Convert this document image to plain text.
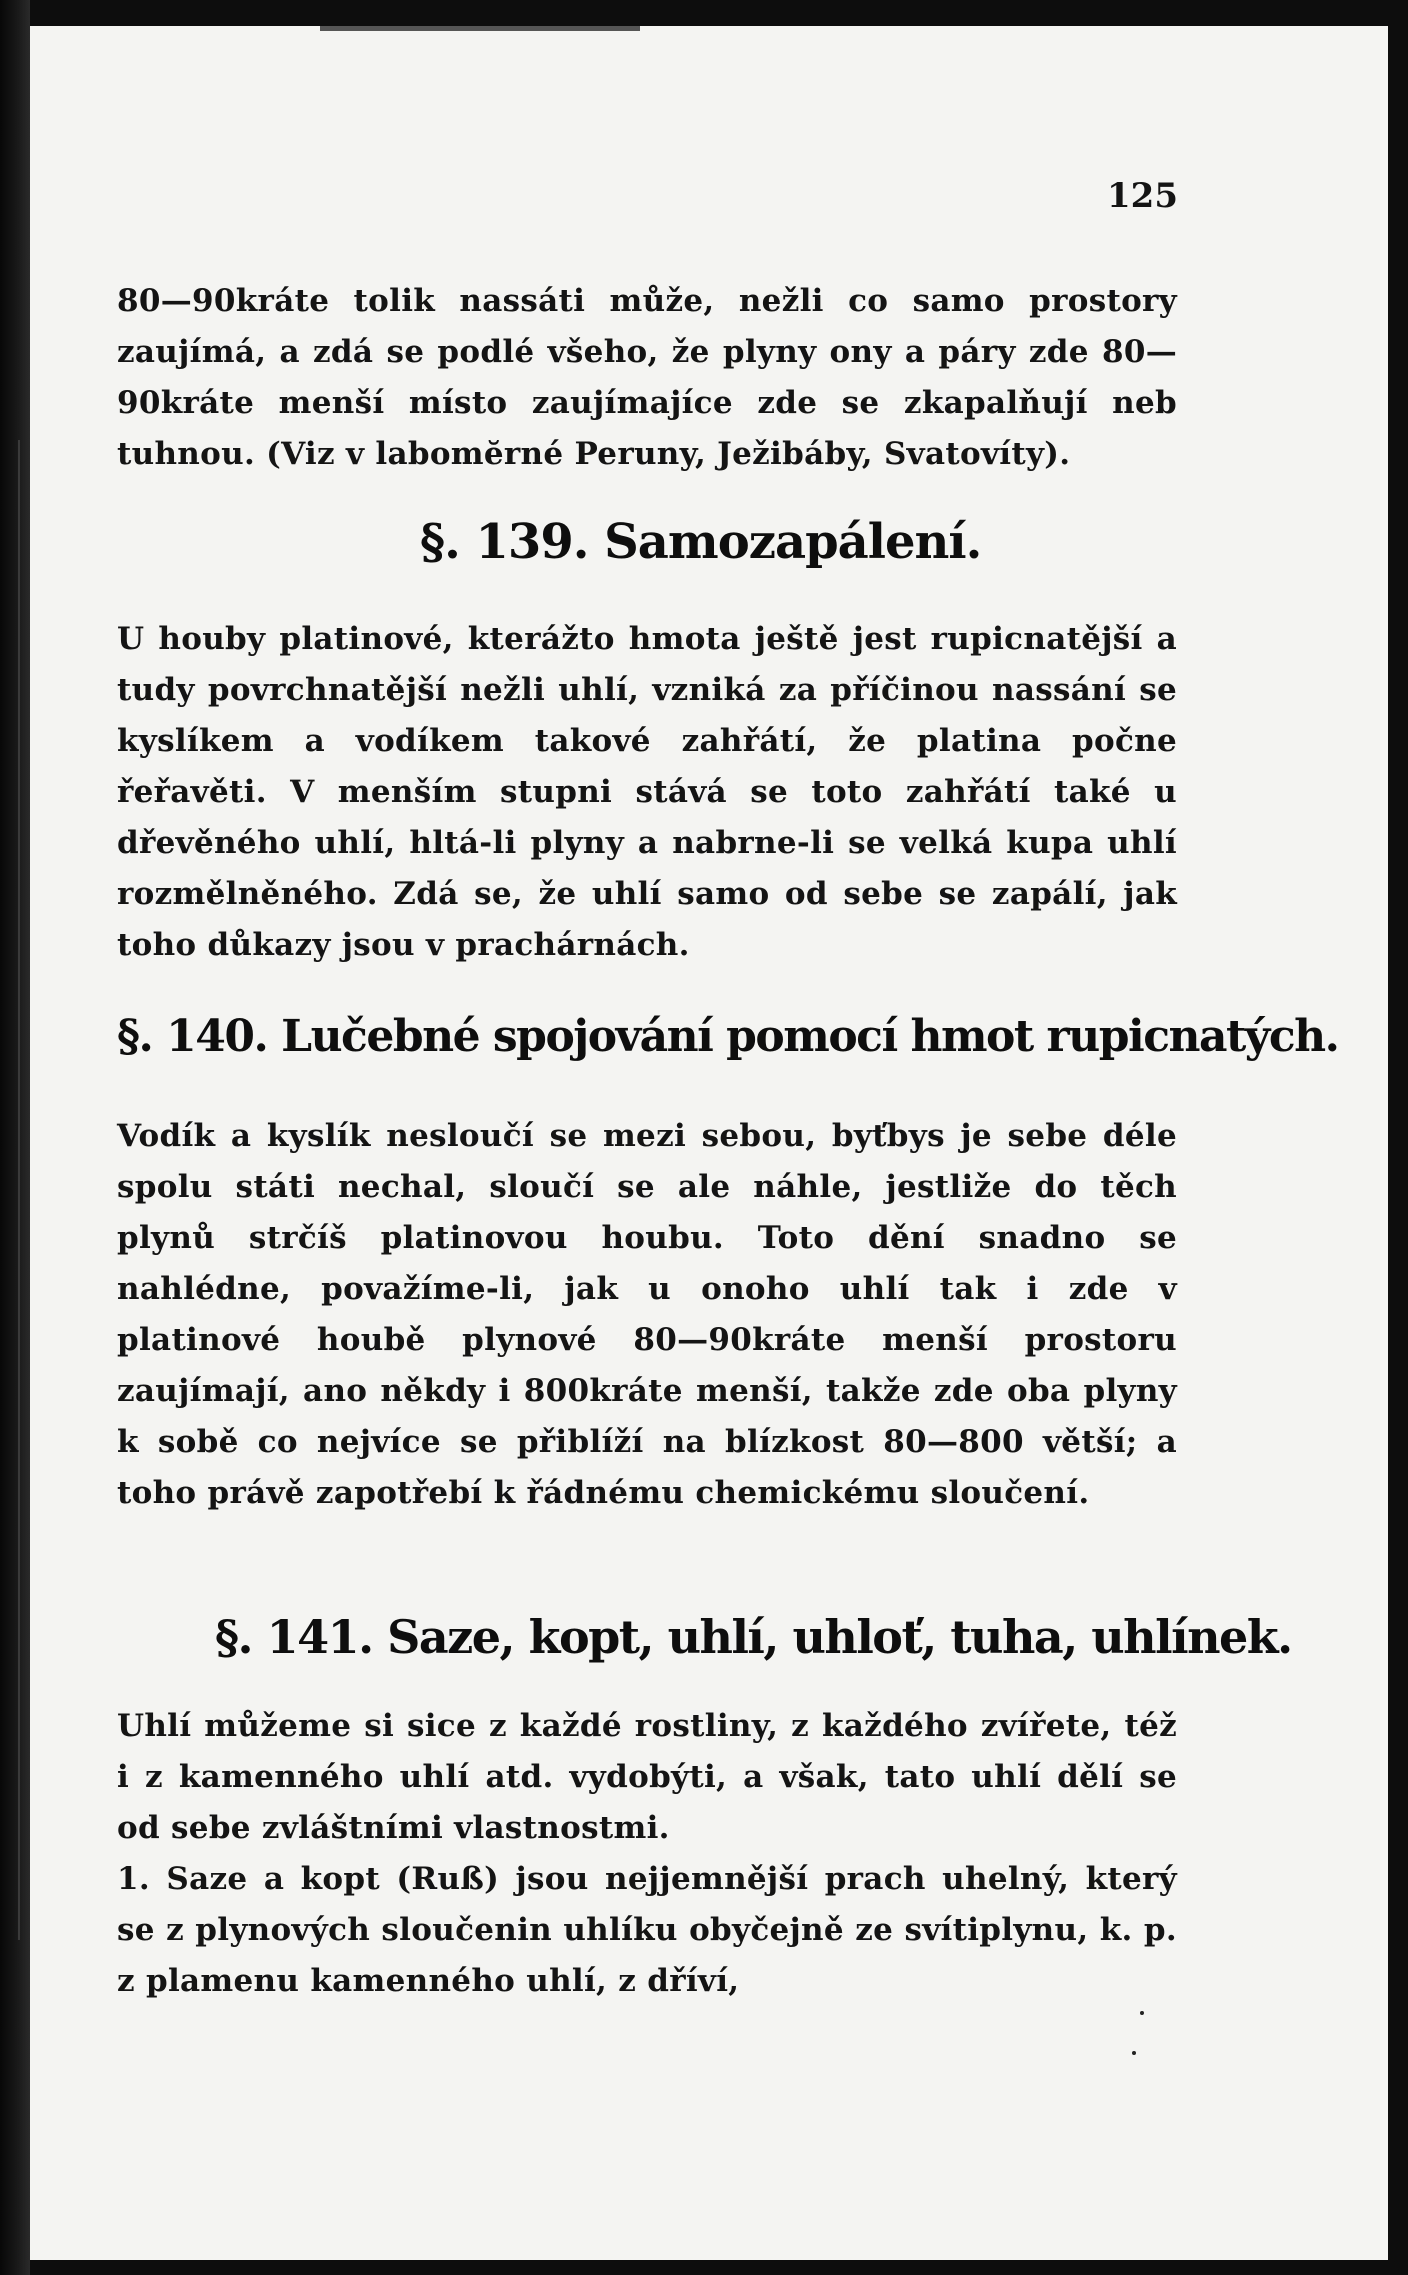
125
80—90kráte tolik nassáti může, nežli co samo prostory zaujímá, a zdá se podlé všeho, že plyny ony a páry zde 80—90kráte menší místo zaujímajíce zde se zkapalňují neb tuhnou. (Viz v labomĕrné Peruny, Ježibáby, Svatovíty).
§. 139. Samozapálení.
U houby platinové, kterážto hmota ještě jest rupicnatější a tudy povrchnatější nežli uhlí, vzniká za příčinou nassání se kyslíkem a vodíkem takové zahřátí, že platina počne řeřavěti. V menším stupni stává se toto zahřátí také u dřevěného uhlí, hltá-li plyny a nabrne-li se velká kupa uhlí rozmělněného. Zdá se, že uhlí samo od sebe se zapálí, jak toho důkazy jsou v prachárnách.
§. 140. Lučebné spojování pomocí hmot rupicnatých.
Vodík a kyslík nesloučí se mezi sebou, byťbys je sebe déle spolu státi nechal, sloučí se ale náhle, jestliže do těch plynů strčíš platinovou houbu. Toto dění snadno se nahlédne, považíme-li, jak u onoho uhlí tak i zde v platinové houbě plynové 80—90kráte menší prostoru zaujímají, ano někdy i 800kráte menší, takže zde oba plyny k sobě co nejvíce se přiblíží na blízkost 80—800 větší; a toho právě zapotřebí k řádnému chemickému sloučení.
§. 141. Saze, kopt, uhlí, uhloť, tuha, uhlínek.
Uhlí můžeme si sice z každé rostliny, z každého zvířete, též i z kamenného uhlí atd. vydobýti, a však, tato uhlí dělí se od sebe zvláštními vlastnostmi.
1. Saze a kopt (Ruß) jsou nejjemnější prach uhelný, který se z plynových sloučenin uhlíku obyčejně ze svítiplynu, k. p. z plamenu kamenného uhlí, z dříví,
